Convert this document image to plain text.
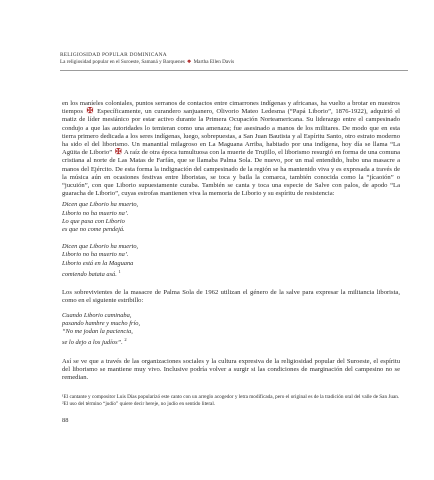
RELIGIOSIDAD POPULAR DOMINICANA
La religiosidad popular en el Suroeste, Samaná y Barquenes ❖ Martha Ellen Davis

en los maníeles coloniales, puntos serranos de contactos entre cimarrones indígenas y africanas, ha vuelto a brotar en nuestros tiempos ✠ Específicamente, un curandero sanjuanero, Olivorio Mateo Ledesma (“Papá Liborio”, 1876-1922), adquirió el matiz de líder mesiánico por estar activo durante la Primera Ocupación Norteamericana. Su liderazgo entre el campesinado condujo a que las autoridades lo temieran como una amenaza; fue asesinado a manos de los militares. De modo que en esta tierra primero dedicada a los seres indígenas, luego, sobrepuestas, a San Juan Bautista y al Espíritu Santo, otro estrato moderno ha sido el del liborismo. Un manantial milagroso en La Maguana Arriba, habitado por una indígena, hoy día se llama “La Agüita de Liborio” ✠ A raíz de otra época tumultuosa con la muerte de Trujillo, el liborismo resurgió en forma de una comuna cristiana al norte de Las Matas de Farfán, que se llamaba Palma Sola. De nuevo, por un mal entendido, hubo una masacre a manos del Ejército. De esta forma la indignación del campesinado de la región se ha mantenido viva y es expresada a través de la música aún en ocasiones festivas entre liboristas, se toca y baila la comarca, también conocida como la “jícaoión” o “jucuión”, con que Liborio supuestamente curaba. También se canta y toca una especie de Salve con palos, de apodo “La guaracha de Liborio”, cuyas estrofas mantienen viva la memoria de Liborio y su espíritu de resistencia:

Dicen que Liborio ha muerto,
Liborio no ha muerto na’.
Lo que pasa con Liborio
es que no come pendejá.
Dicen que Liborio ha muerto,
Liborio no ha muerto na’.
Liborio está en la Maguana
comiendo batata asá. $^1$

Los sobrevivientes de la masacre de Palma Sola de 1962 utilizan el género de la salve para expresar la militancia liborista, como en el siguiente estribillo:

Cuando Liborio caminaba,
pasando hambre y mucho frío,
“No me jodan la paciencia,
se lo dejo a los judíos”. $^2$

Así se ve que a través de las organizaciones sociales y la cultura expresiva de la religiosidad popular del Suroeste, el espíritu del liborismo se mantiene muy vivo. Inclusive podría volver a surgir si las condiciones de marginación del campesino no se remedian.

¹El cantante y compositor Luis Días popularizó este canto con un arreglo acogedor y letra modificada, pero el original es de la tradición oral del valle de San Juan.
²El uso del término “judío” quiere decir hereje, no judío en sentido literal.
88
